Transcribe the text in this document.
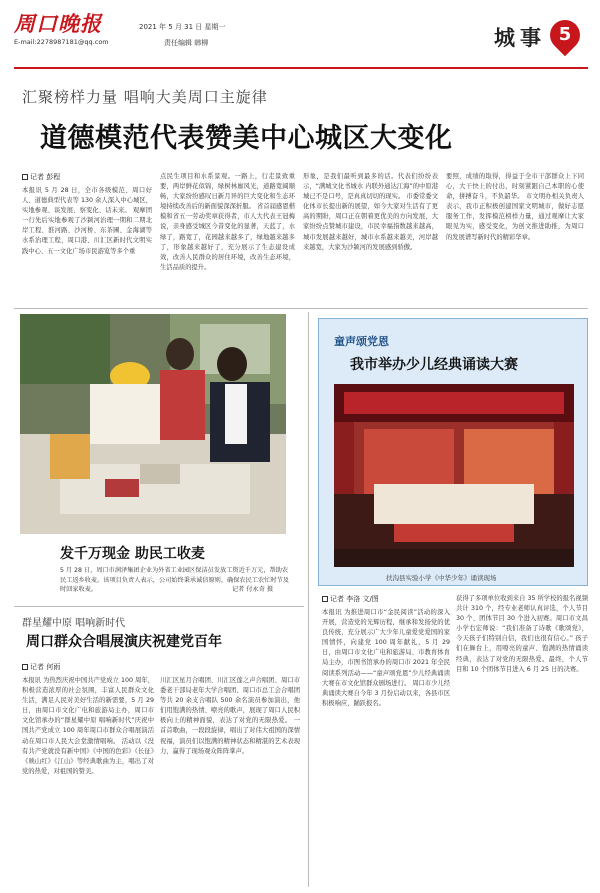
周口晚报
E-mail:2278987181@qq.com
2021 年 5 月 31 日 星期一
责任编辑 韩柳	城事 5
汇聚榜样力量 唱响大美周口主旋律
道德模范代表赞美中心城区大变化
记者 彭程
本报讯 5 月 28 日，全市各级模范、周口好人、道德典型代表等 130 余人深入中心城区，实地参观、谈发展、察变化、话未来。 观摩团一行先后实地参观了沙颍河治理一期和二期北岸工程、淮河路、沙河桥、东茶圃、金海湖等水系治理工程，周口港、川汇区新时代文明实践中心、五一文化广场市民游览等多个重
点民生项目和水系景观。一路上，行走景致重要，两岸鲜花似锦，绿树林廊风光，道路宽阔顺畅，大家纷纷感叹日新月异的巨大变化和生态环境持续改善后的新面貌深深折服。 省首届感恩楷模和省五一劳动奖章获得者，市人大代表王冠梅说，亲身感受城区今昔变化的显著，天蓝了，水绿了，路宽了，花园越来越多了，绿地越来越多了，形象越来越好了，充分展示了生态建设成效，改善人民群众的居住环境，改善生态环境，生活品质的提升。
形象，是我们最听到最多的话。代表们纷纷表示，“满城文化书城水 内联外通达江海”的中原港城已不是口号，是真真切切的现实。 市委常委文化体市长提出新的展望，如今大家对生活有了更高的期盼，周口正在朝着更优美的方向发展，大家纷纷点赞城市建设，市民幸福指数越来越高，城市发展越来越好，城市水系越来越美，河岸越来越宽，大家为沙颍河的发展感到骄傲。
要照，成绩的取得，得益于全市干部群众上下同心，大干快上的付出，时刻紧跟自己本职的心使命，拼搏奋斗，不负韶华。 市文明办相关负责人表示，我市正积极创建国家文明城市，做好志愿服务工作，发挥模范榜样力量，通过观摩让大家眼见为实，感受变化，为创文推进助推，为周口的发展谱写新时代的精彩华章。
发千万现金 助民工收麦
5 月 28 日，周口市润泽集团企业为外省工业园区保洁员发放工资近千万元，帮助农民工返乡收麦。该项目负责人表示，公司始终秉承诚信原则，确保农民工农忙时节及时回家收麦。	记者 付永奇 摄
群星耀中原 唱响新时代
周口群众合唱展演庆祝建党百年
记者 何雨
本报讯 为热烈庆祝中国共产党成立 100 周年，积极营造浓厚的社会氛围，丰富人民群众文化生活，满足人民对美好生活的新需要，5 月 29 日，由周口市文化广电和旅游局主办，周口市文化馆承办的“群星耀中原 唱响新时代”庆祝中国共产党成立 100 周年周口市群众合唱展演活动在周口市人民大会堂激情唱响。 活动以《没有共产党就没有新中国》《中国的色彩》《长征》《映山红》《江山》等经典歌曲为主，唱出了对党的热爱，对祖国的赞美。
川汇区星月合唱团、川汇区莲之声合唱团、周口市委老干部局老年大学合唱团、周口市总工会合唱团等共 20 余支合唱队 500 余名演员参加演出，他们用饱满的热情、嘹亮的歌声，展现了周口人民积极向上的精神面貌，表达了对党的无限热爱。 一首首歌曲，一段段旋律，唱出了对伟大祖国的深情祝福，演员们以饱满的精神状态和精湛的艺术表现力，赢得了现场观众阵阵掌声。
童声颂党恩
我市举办少儿经典诵读大赛
扶沟县实验小学《中华少年》诵读现场
记者 李洛 文/图
本报讯 为推进周口市“金民阅读”活动的深入开展，营造党的光辉历程，继承和发扬党的优良传统，充分展示广大少年儿童爱党爱国的家国情怀，向建党 100 周年献礼，5 月 29 日，由周口市文化广电和旅游局、市教育体育局主办，市图书馆承办的周口市 2021 年全民阅读系列活动——“童声颂党恩”少儿经典诵读大赛在市文化馆群众剧场进行。 周口市少儿经典诵读大赛自今年 3 月份启动以来，各县市区积极响应，踊跃报名。
获得了多项单位收到来自 35 所学校的报名视频共计 310 个，经专业老师认真评选，个人节目 30 个、团体节目 30 个进入初赛。周口市文昌小学右宏师说：“我们准备了诗歌《歌颂党》，今天孩子们特别自信，我们也很有信心。” 孩子们在舞台上，用嘹亮的童声、饱满的热情诵读经典，表达了对党的无限热爱。最终，个人节目和 10 个团体节目进入 6 月 25 日的决赛。
